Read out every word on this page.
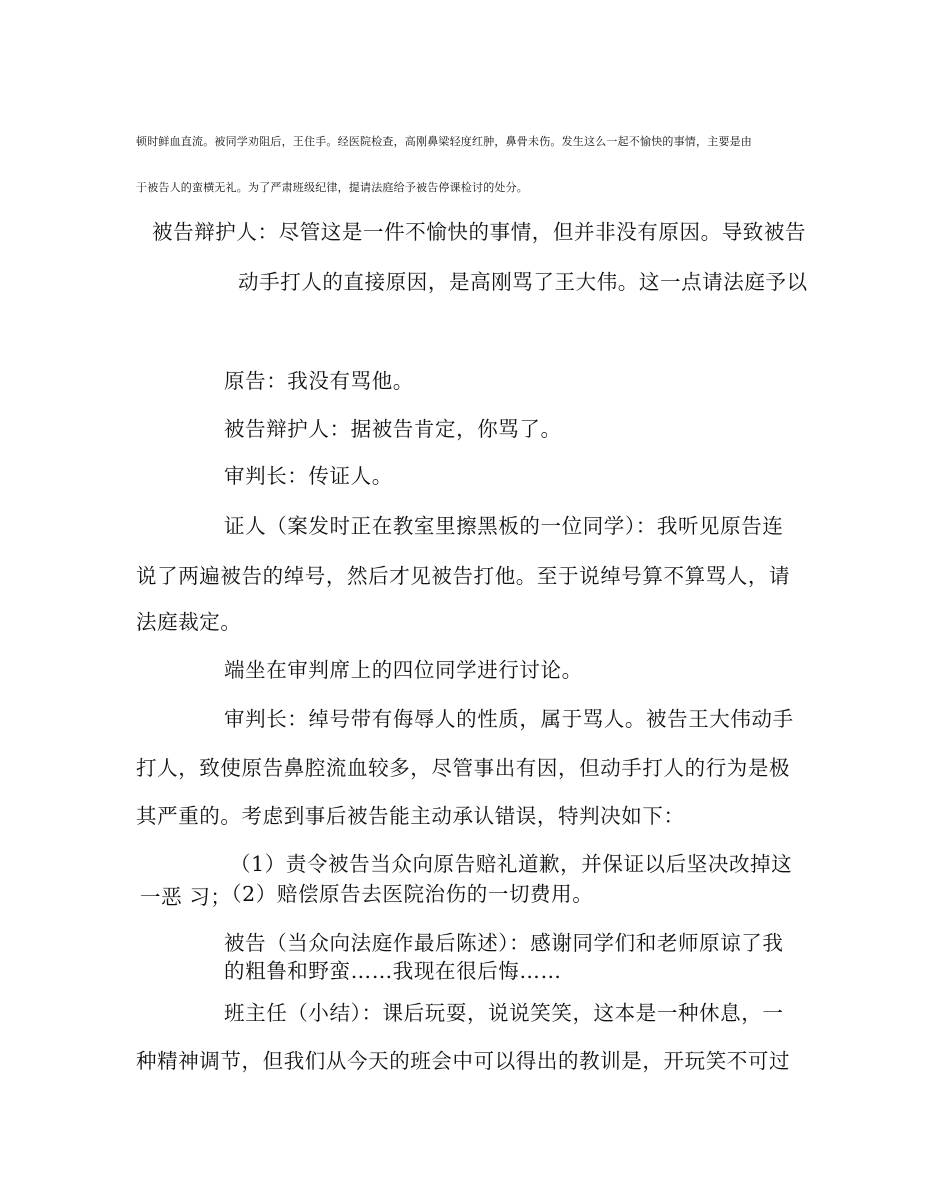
顿时鲜血直流。被同学劝阻后，王住手。经医院检查，高刚鼻梁轻度红肿，鼻骨未伤。发生这么一起不愉快的事情，主要是由
于被告人的蛮横无礼。为了严肃班级纪律，提请法庭给予被告停课检讨的处分。
被告辩护人：尽管这是一件不愉快的事情，但并非没有原因。导致被告
动手打人的直接原因，是高刚骂了王大伟。这一点请法庭予以
原告：我没有骂他。
被告辩护人：据被告肯定，你骂了。
审判长：传证人。
证人（案发时正在教室里擦黑板的一位同学）：我听见原告连
说了两遍被告的绰号，然后才见被告打他。至于说绰号算不算骂人，请
法庭裁定。
端坐在审判席上的四位同学进行讨论。
审判长：绰号带有侮辱人的性质，属于骂人。被告王大伟动手
打人，致使原告鼻腔流血较多，尽管事出有因，但动手打人的行为是极
其严重的。考虑到事后被告能主动承认错误，特判决如下：
（1）责令被告当众向原告赔礼道歉，并保证以后坚决改掉这
一恶 习；
（2）赔偿原告去医院治伤的一切费用。
被告（当众向法庭作最后陈述）：感谢同学们和老师原谅了我
的粗鲁和野蛮……我现在很后悔……
班主任（小结）：课后玩耍，说说笑笑，这本是一种休息，一
种精神调节，但我们从今天的班会中可以得出的教训是，开玩笑不可过
